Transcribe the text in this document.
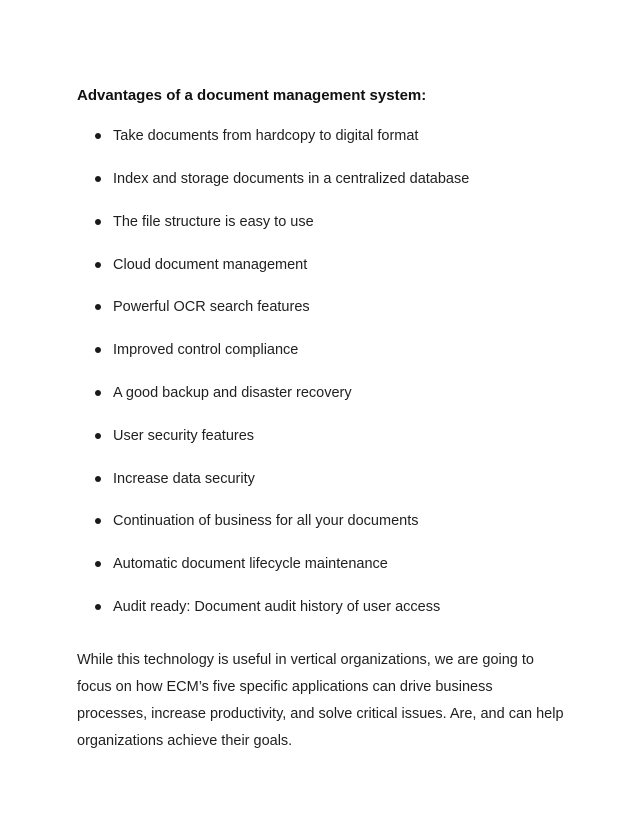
Advantages of a document management system:
Take documents from hardcopy to digital format
Index and storage documents in a centralized database
The file structure is easy to use
Cloud document management
Powerful OCR search features
Improved control compliance
A good backup and disaster recovery
User security features
Increase data security
Continuation of business for all your documents
Automatic document lifecycle maintenance
Audit ready: Document audit history of user access

While this technology is useful in vertical organizations, we are going to
focus on how ECM’s five specific applications can drive business
processes, increase productivity, and solve critical issues. Are, and can help
organizations achieve their goals.
